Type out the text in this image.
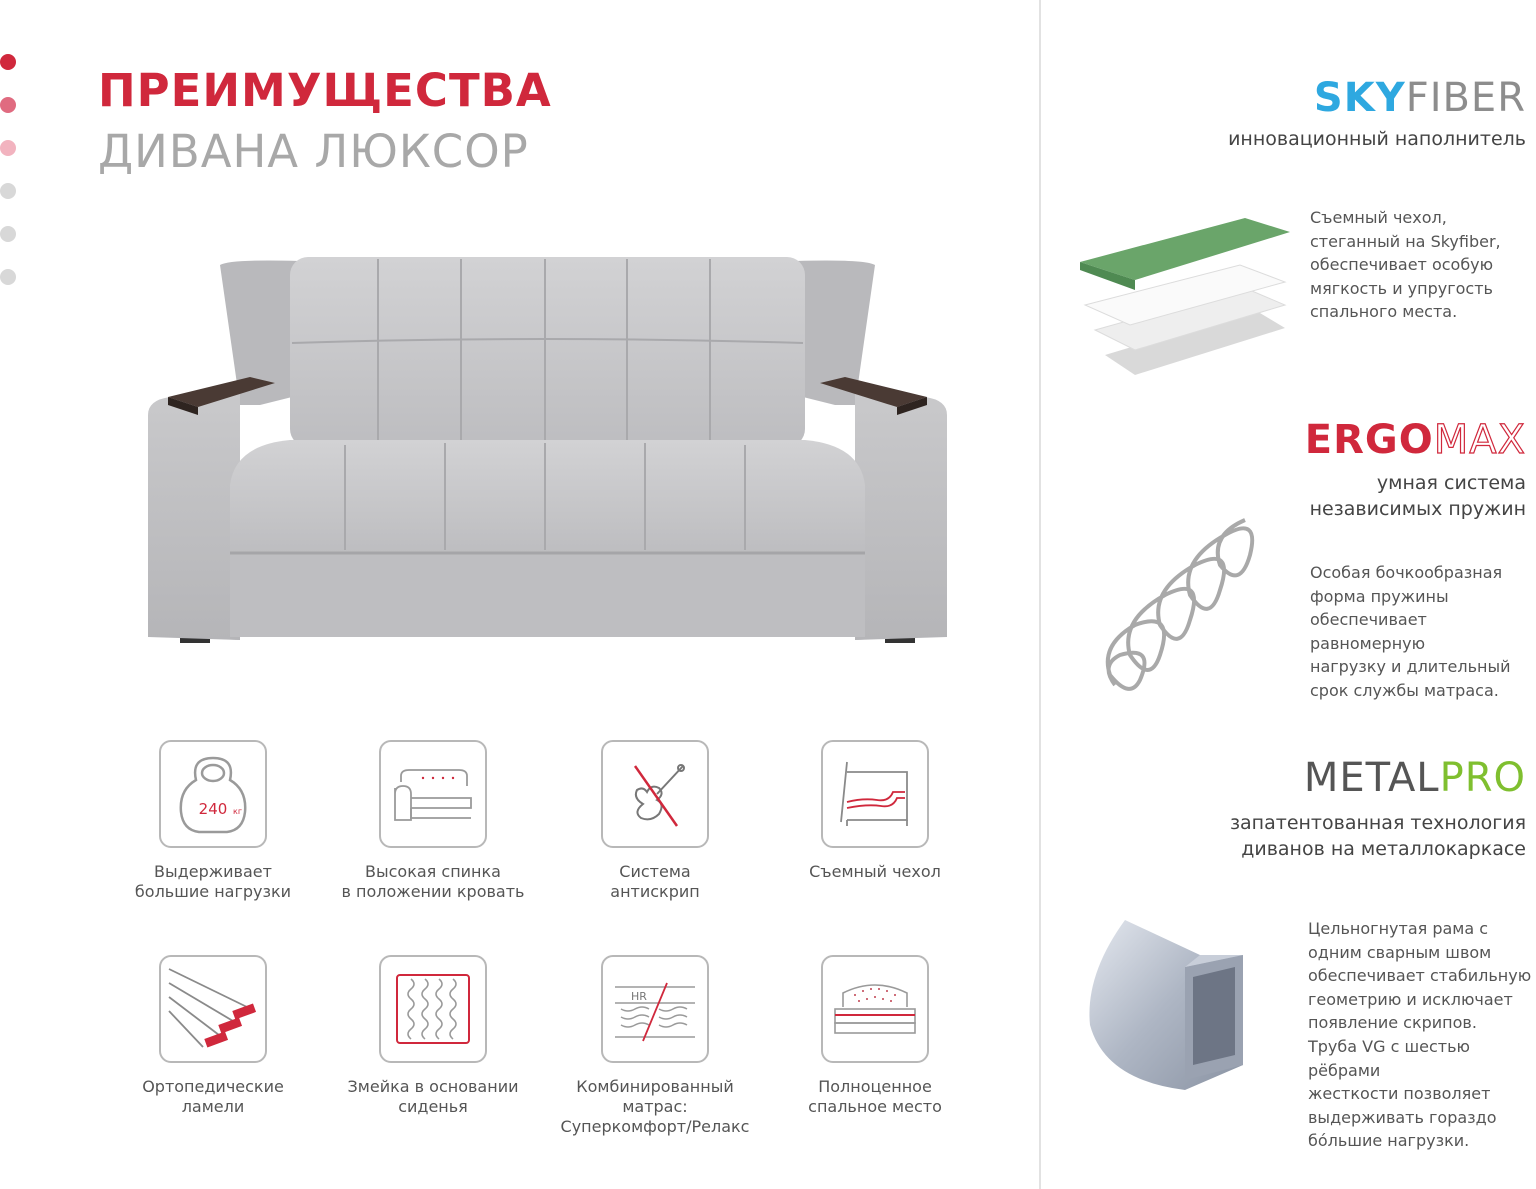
ПРЕИМУЩЕСТВА
ДИВАНА ЛЮКСОР
240 кг
Выдерживает
большие нагрузки
Высокая спинка
в положении кровать
Система
антискрип
Съемный чехол
Ортопедические
ламели
Змейка в основании
сиденья
HR
Комбинированный матрас:
Суперкомфорт/Релакс
Полноценное
спальное место
SKYFIBER
инновационный наполнитель
Съемный чехол,
стеганный на Skyfiber,
обеспечивает особую
мягкость и упругость
спального места.
ERGOMAX
умная система
независимых пружин
Особая бочкообразная
форма пружины
обеспечивает равномерную
нагрузку и длительный
срок службы матраса.
METALPRO
запатентованная технология
диванов на металлокаркасе
Цельногнутая рама с
одним сварным швом
обеспечивает стабильную
геометрию и исключает
появление скрипов.
Труба VG с шестью рёбрами
жесткости позволяет
выдерживать гораздо
бóльшие нагрузки.
